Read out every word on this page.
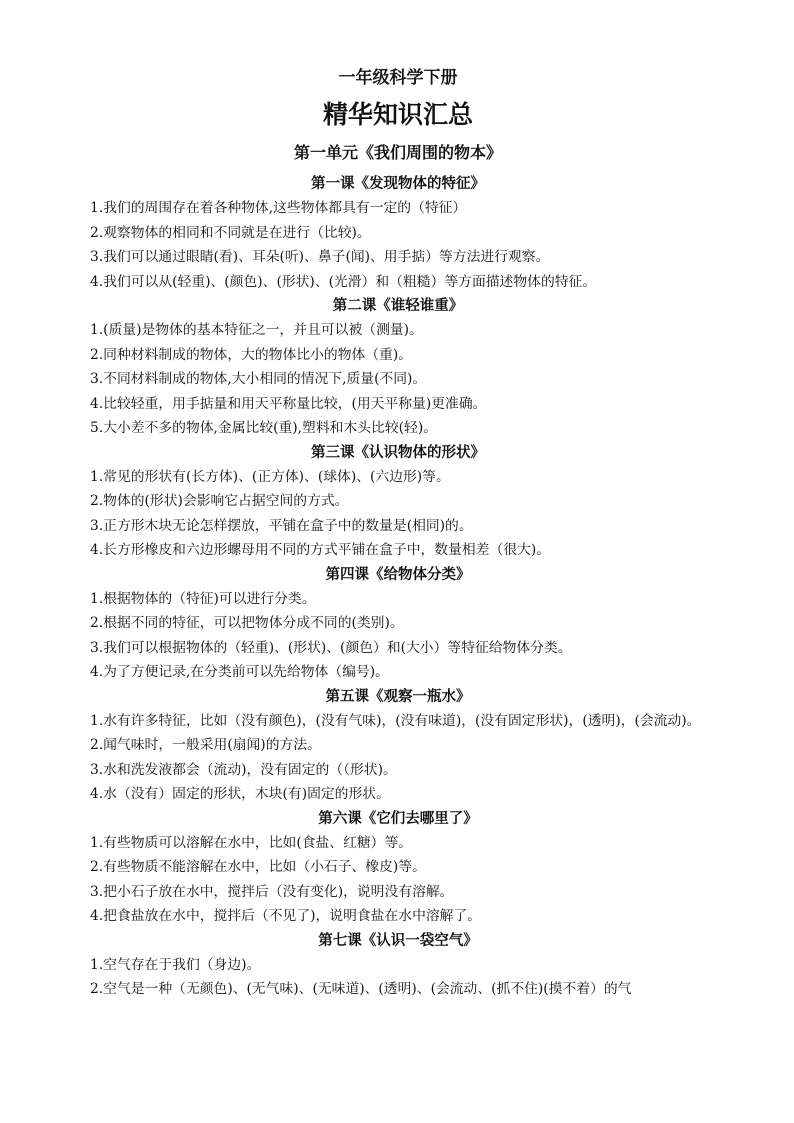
一年级科学下册
精华知识汇总
第一单元《我们周围的物本》
第一课《发现物体的特征》

1.我们的周围存在着各种物体,这些物体都具有一定的（特征）

2.观察物体的相同和不同就是在进行（比较)。

3.我们可以通过眼睛(看)、耳朵(听)、鼻子(闻)、用手掂）等方法进行观察。

4.我们可以从(轻重)、(颜色)、(形状)、(光滑）和（粗糙）等方面描述物体的特征。

第二课《谁轻谁重》

1.(质量)是物体的基本特征之一，并且可以被（测量)。

2.同种材料制成的物体，大的物体比小的物体（重)。

3.不同材料制成的物体,大小相同的情况下,质量(不同)。

4.比较轻重，用手掂量和用天平称量比较，(用天平称量)更准确。

5.大小差不多的物体,金属比较(重),塑料和木头比较(轻)。

第三课《认识物体的形状》

1.常见的形状有(长方体)、(正方体)、(球体)、(六边形)等。

2.物体的(形状)会影响它占据空间的方式。

3.正方形木块无论怎样摆放，平铺在盒子中的数量是(相同)的。

4.长方形橡皮和六边形螺母用不同的方式平铺在盒子中，数量相差（很大)。

第四课《给物体分类》

1.根据物体的（特征)可以进行分类。

2.根据不同的特征，可以把物体分成不同的(类别)。

3.我们可以根据物体的（轻重)、(形状)、(颜色）和(大小）等特征给物体分类。

4.为了方便记录,在分类前可以先给物体（编号)。

第五课《观察一瓶水》

1.水有许多特征，比如（没有颜色)，(没有气味)，(没有味道)，(没有固定形状)，(透明)，(会流动)。

2.闻气味时，一般采用(扇闻)的方法。

3.水和洗发液都会（流动)，没有固定的（（形状)。

4.水（没有）固定的形状，木块(有)固定的形状。

第六课《它们去哪里了》

1.有些物质可以溶解在水中，比如(食盐、红糖）等。

2.有些物质不能溶解在水中，比如（小石子、橡皮)等。

3.把小石子放在水中，搅拌后（没有变化)，说明没有溶解。

4.把食盐放在水中，搅拌后（不见了)，说明食盐在水中溶解了。

第七课《认识一袋空气》

1.空气存在于我们（身边)。

2.空气是一种（无颜色)、(无气味)、(无味道)、(透明)、(会流动、(抓不住)(摸不着）的气
